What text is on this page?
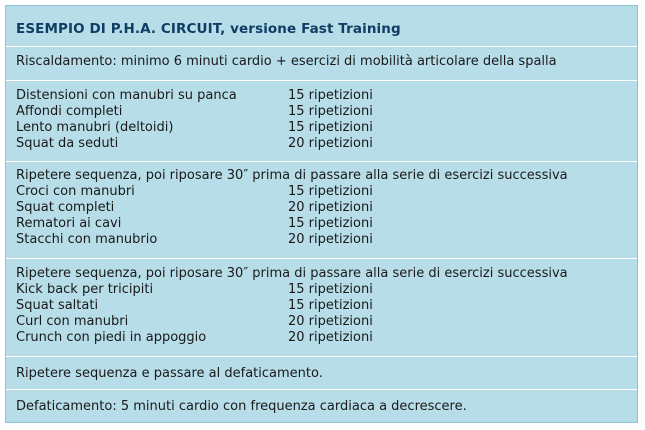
ESEMPIO DI P.H.A. CIRCUIT, versione Fast Training
Riscaldamento: minimo 6 minuti cardio + esercizi di mobilità articolare della spalla
Distensioni con manubri su panca	15 ripetizioni
Affondi completi	15 ripetizioni
Lento manubri (deltoidi)	15 ripetizioni
Squat da seduti	20 ripetizioni
Ripetere sequenza, poi riposare 30″ prima di passare alla serie di esercizi successiva
Croci con manubri	15 ripetizioni
Squat completi	20 ripetizioni
Rematori ai cavi	15 ripetizioni
Stacchi con manubrio	20 ripetizioni
Ripetere sequenza, poi riposare 30″ prima di passare alla serie di esercizi successiva
Kick back per tricipiti	15 ripetizioni
Squat saltati	15 ripetizioni
Curl con manubri	20 ripetizioni
Crunch con piedi in appoggio	20 ripetizioni
Ripetere sequenza e passare al defaticamento.
Defaticamento: 5 minuti cardio con frequenza cardiaca a decrescere.
